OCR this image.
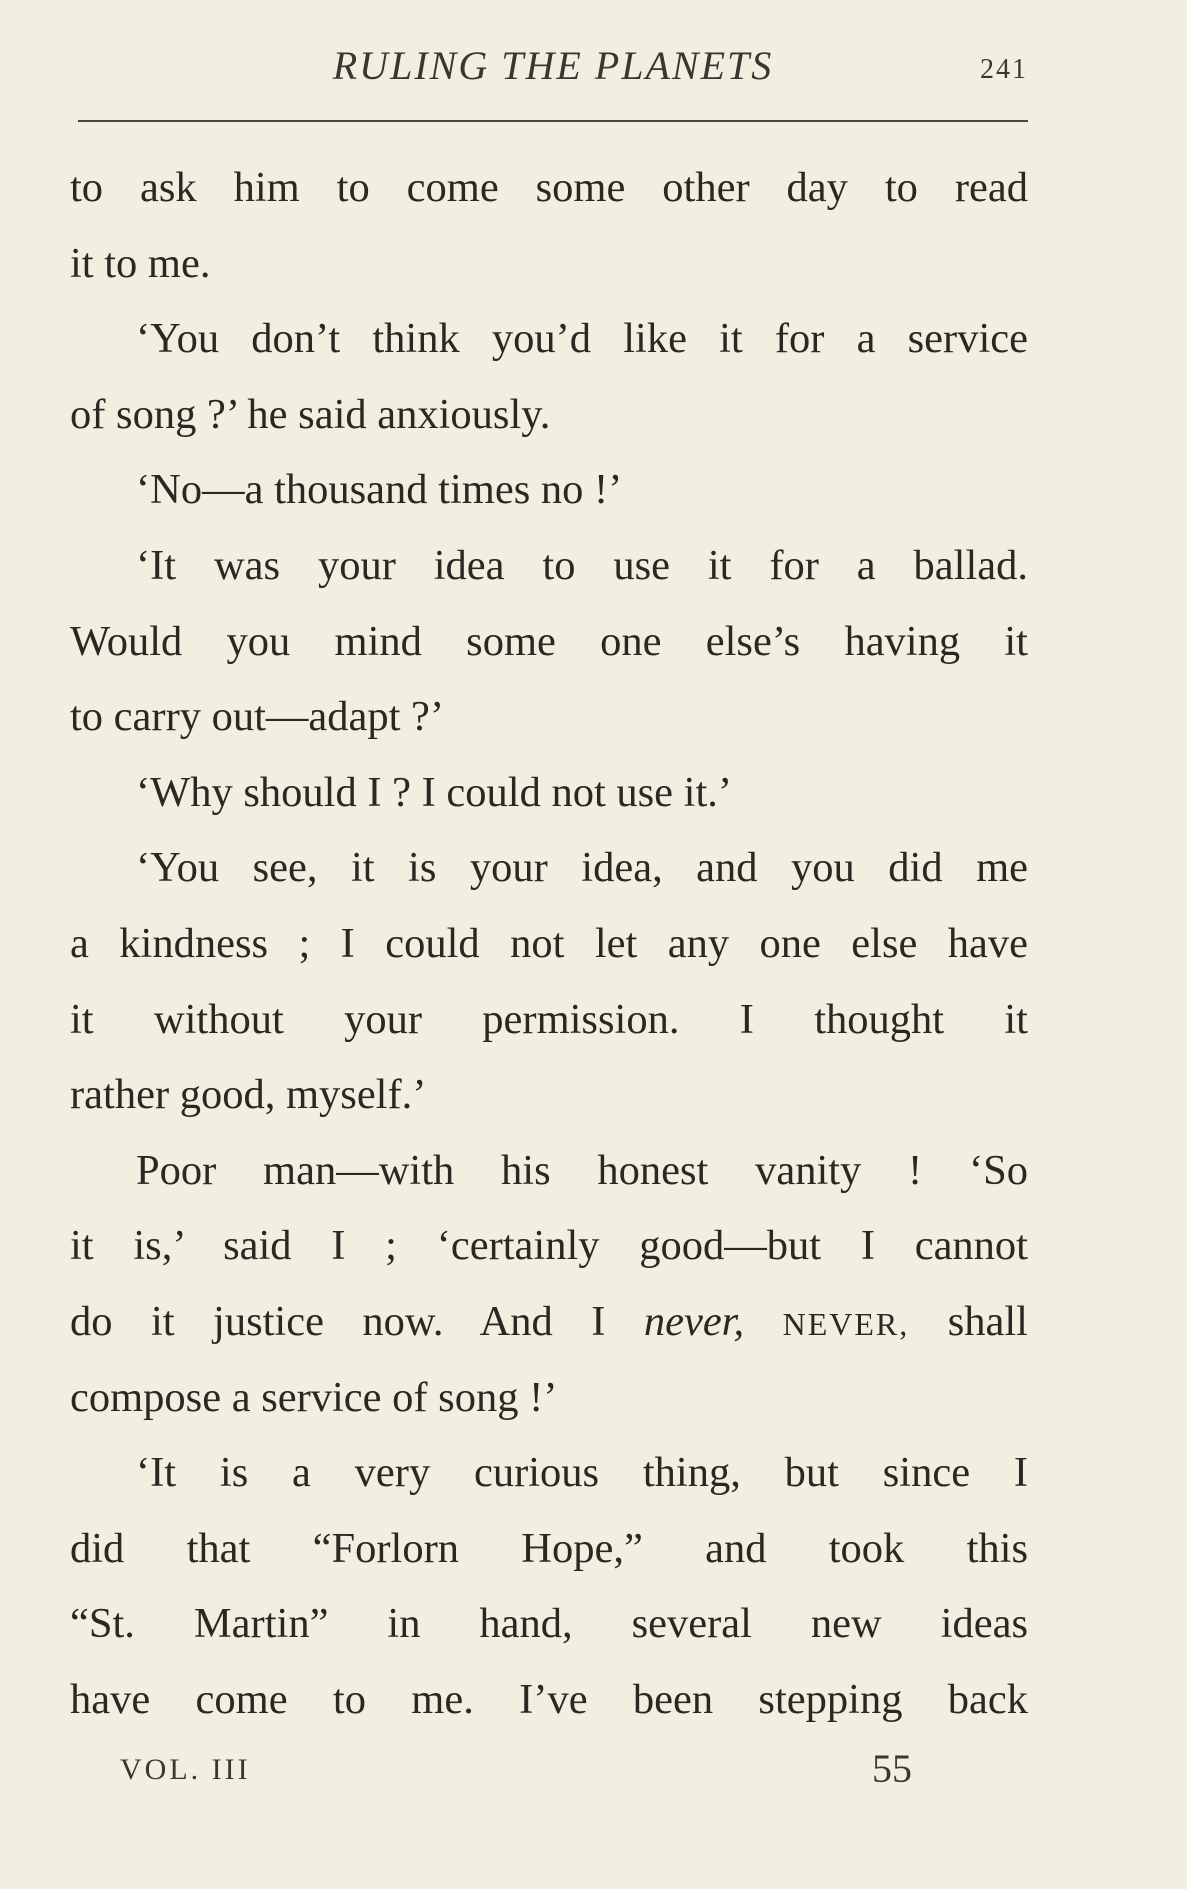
RULING THE PLANETS	241
to ask him to come some other day to read
it to me.
‘You don’t think you’d like it for a service
of song ?’ he said anxiously.
‘No—a thousand times no !’
‘It was your idea to use it for a ballad.
Would you mind some one else’s having it
to carry out—adapt ?’
‘Why should I ? I could not use it.’
‘You see, it is your idea, and you did me
a kindness ; I could not let any one else have
it without your permission. I thought it
rather good, myself.’
Poor man—with his honest vanity ! ‘So
it is,’ said I ; ‘certainly good—but I cannot
do it justice now. And I never, NEVER, shall
compose a service of song !’
‘It is a very curious thing, but since I
did that “Forlorn Hope,” and took this
“St. Martin” in hand, several new ideas
have come to me. I’ve been stepping back
VOL. III	55
